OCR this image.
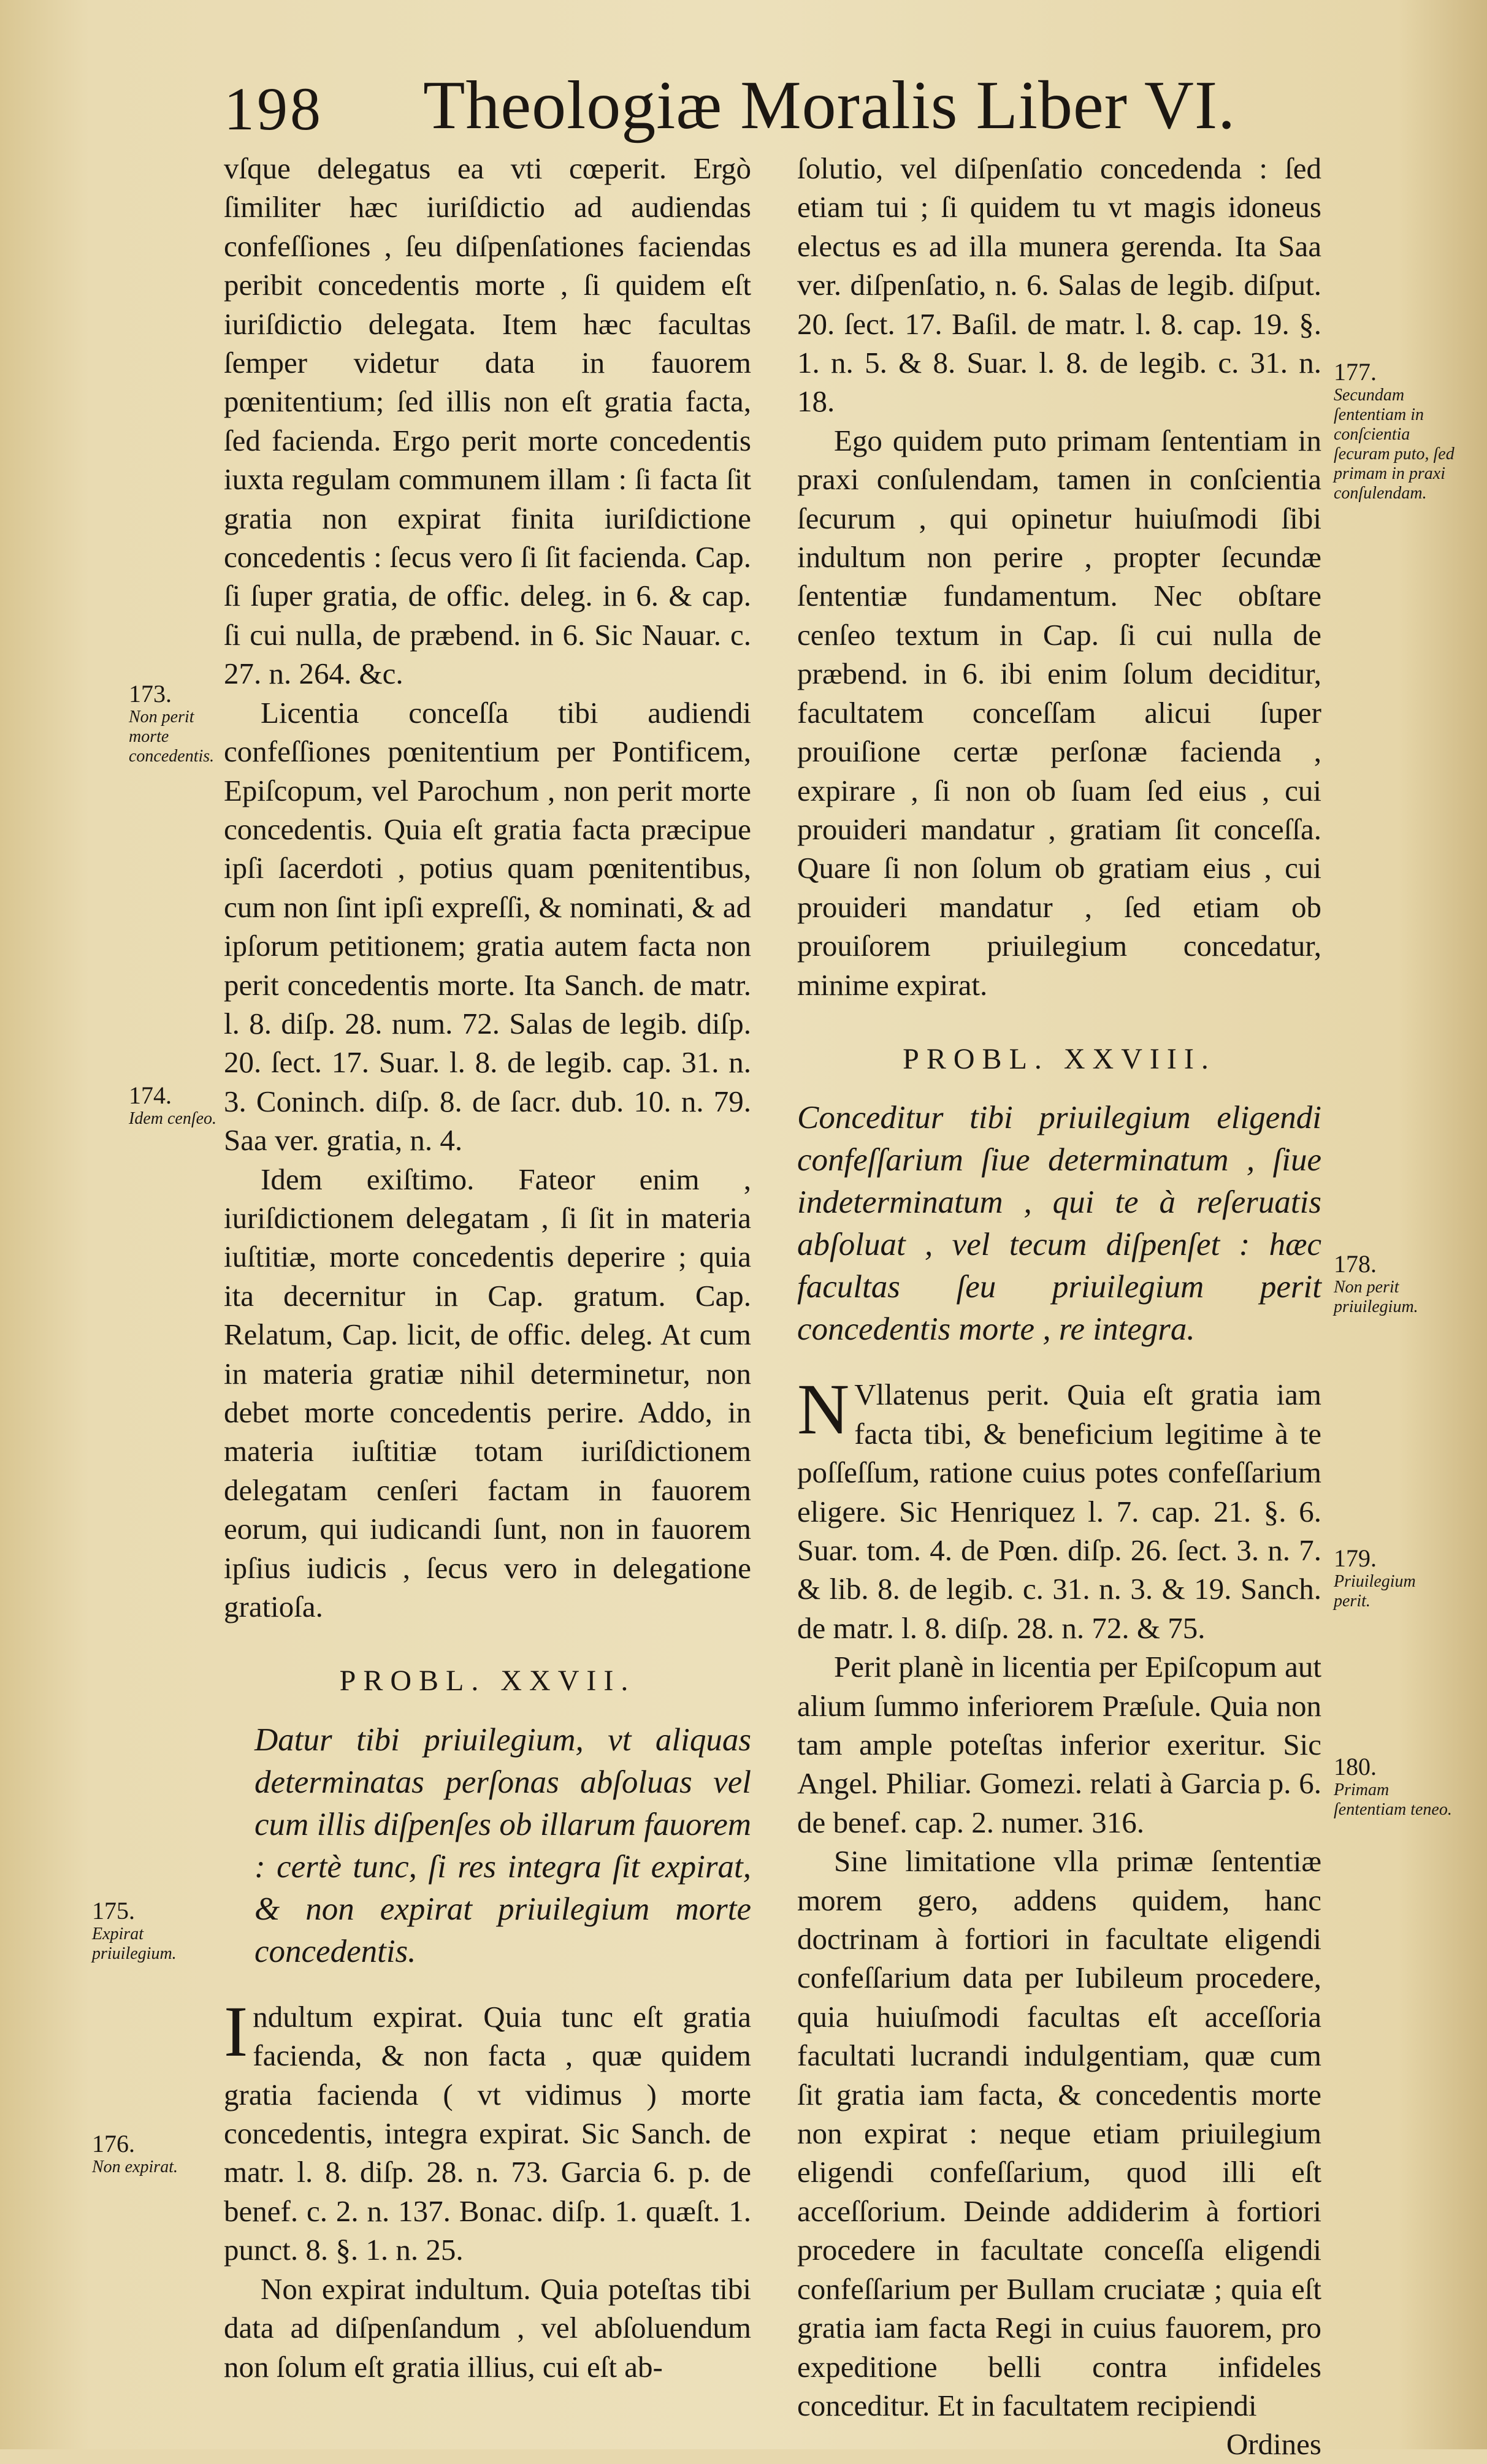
198 Theologiæ Moralis Liber VI.

vſque delegatus ea vti cœperit. Ergò ſimiliter hæc iuriſdictio ad audiendas confeſſiones , ſeu diſpenſationes faciendas peribit concedentis morte , ſi quidem eſt iuriſdictio delegata. Item hæc facultas ſemper videtur data in fauorem pœnitentium; ſed illis non eſt gratia facta, ſed facienda. Ergo perit morte concedentis iuxta regulam communem illam : ſi facta ſit gratia non expirat finita iuriſdictione concedentis : ſecus vero ſi ſit facienda. Cap. ſi ſuper gratia, de offic. deleg. in 6. & cap. ſi cui nulla, de præbend. in 6. Sic Nauar. c. 27. n. 264. &c.

Licentia conceſſa tibi audiendi confeſſiones pœnitentium per Pontificem, Epiſcopum, vel Parochum , non perit morte concedentis. Quia eſt gratia facta præcipue ipſi ſacerdoti , potius quam pœnitentibus, cum non ſint ipſi expreſſi, & nominati, & ad ipſorum petitionem; gratia autem facta non perit concedentis morte. Ita Sanch. de matr. l. 8. diſp. 28. num. 72. Salas de legib. diſp. 20. ſect. 17. Suar. l. 8. de legib. cap. 31. n. 3. Coninch. diſp. 8. de ſacr. dub. 10. n. 79. Saa ver. gratia, n. 4.

Idem exiſtimo. Fateor enim , iuriſdictionem delegatam , ſi ſit in materia iuſtitiæ, morte concedentis deperire ; quia ita decernitur in Cap. gratum. Cap. Relatum, Cap. licit, de offic. deleg. At cum in materia gratiæ nihil determinetur, non debet morte concedentis perire. Addo, in materia iuſtitiæ totam iuriſdictionem delegatam cenſeri factam in fauorem eorum, qui iudicandi ſunt, non in fauorem ipſius iudicis , ſecus vero in delegatione gratioſa.

PROBL. XXVII.

Datur tibi priuilegium, vt aliquas determinatas perſonas abſoluas vel cum illis diſpenſes ob illarum fauorem : certè tunc, ſi res integra ſit expirat, & non expirat priuilegium morte concedentis.

Indultum expirat. Quia tunc eſt gratia facienda, & non facta , quæ quidem gratia facienda ( vt vidimus ) morte concedentis, integra expirat. Sic Sanch. de matr. l. 8. diſp. 28. n. 73. Garcia 6. p. de benef. c. 2. n. 137. Bonac. diſp. 1. quæſt. 1. punct. 8. §. 1. n. 25.

Non expirat indultum. Quia poteſtas tibi data ad diſpenſandum , vel abſoluendum non ſolum eſt gratia illius, cui eſt ab-

ſolutio, vel diſpenſatio concedenda : ſed etiam tui ; ſi quidem tu vt magis idoneus electus es ad illa munera gerenda. Ita Saa ver. diſpenſatio, n. 6. Salas de legib. diſput. 20. ſect. 17. Baſil. de matr. l. 8. cap. 19. §. 1. n. 5. & 8. Suar. l. 8. de legib. c. 31. n. 18.

Ego quidem puto primam ſententiam in praxi conſulendam, tamen in conſcientia ſecurum , qui opinetur huiuſmodi ſibi indultum non perire , propter ſecundæ ſententiæ fundamentum. Nec obſtare cenſeo textum in Cap. ſi cui nulla de præbend. in 6. ibi enim ſolum deciditur, facultatem conceſſam alicui ſuper prouiſione certæ perſonæ facienda , expirare , ſi non ob ſuam ſed eius , cui prouideri mandatur , gratiam ſit conceſſa. Quare ſi non ſolum ob gratiam eius , cui prouideri mandatur , ſed etiam ob prouiſorem priuilegium concedatur, minime expirat.

PROBL. XXVIII.

Conceditur tibi priuilegium eligendi confeſſarium ſiue determinatum , ſiue indeterminatum , qui te à reſeruatis abſoluat , vel tecum diſpenſet : hæc facultas ſeu priuilegium perit concedentis morte , re integra.

N Vllatenus perit. Quia eſt gratia iam facta tibi, & beneficium legitime à te poſſeſſum, ratione cuius potes confeſſarium eligere. Sic Henriquez l. 7. cap. 21. §. 6. Suar. tom. 4. de Pœn. diſp. 26. ſect. 3. n. 7. & lib. 8. de legib. c. 31. n. 3. & 19. Sanch. de matr. l. 8. diſp. 28. n. 72. & 75.

Perit planè in licentia per Epiſcopum aut alium ſummo inferiorem Præſule. Quia non tam ample poteſtas inferior exeritur. Sic Angel. Philiar. Gomezi. relati à Garcia p. 6. de benef. cap. 2. numer. 316.

Sine limitatione vlla primæ ſententiæ morem gero, addens quidem, hanc doctrinam à fortiori in facultate eligendi confeſſarium data per Iubileum procedere, quia huiuſmodi facultas eſt acceſſoria facultati lucrandi indulgentiam, quæ cum ſit gratia iam facta, & concedentis morte non expirat : neque etiam priuilegium eligendi confeſſarium, quod illi eſt acceſſorium. Deinde addiderim à fortiori procedere in facultate conceſſa eligendi confeſſarium per Bullam cruciatæ ; quia eſt gratia iam facta Regi in cuius fauorem, pro expeditione belli contra infideles conceditur. Et in facultatem recipiendi

Ordines
173.
Non perit morte concedentis.
174.
Idem cenſeo.
175.
Expirat priuilegium.
176.
Non expirat.
177.
Secundam ſententiam in conſcientia ſecuram puto, ſed primam in praxi conſulendam.
178.
Non perit priuilegium.
179.
Priuilegium perit.
180.
Primam ſententiam teneo.
